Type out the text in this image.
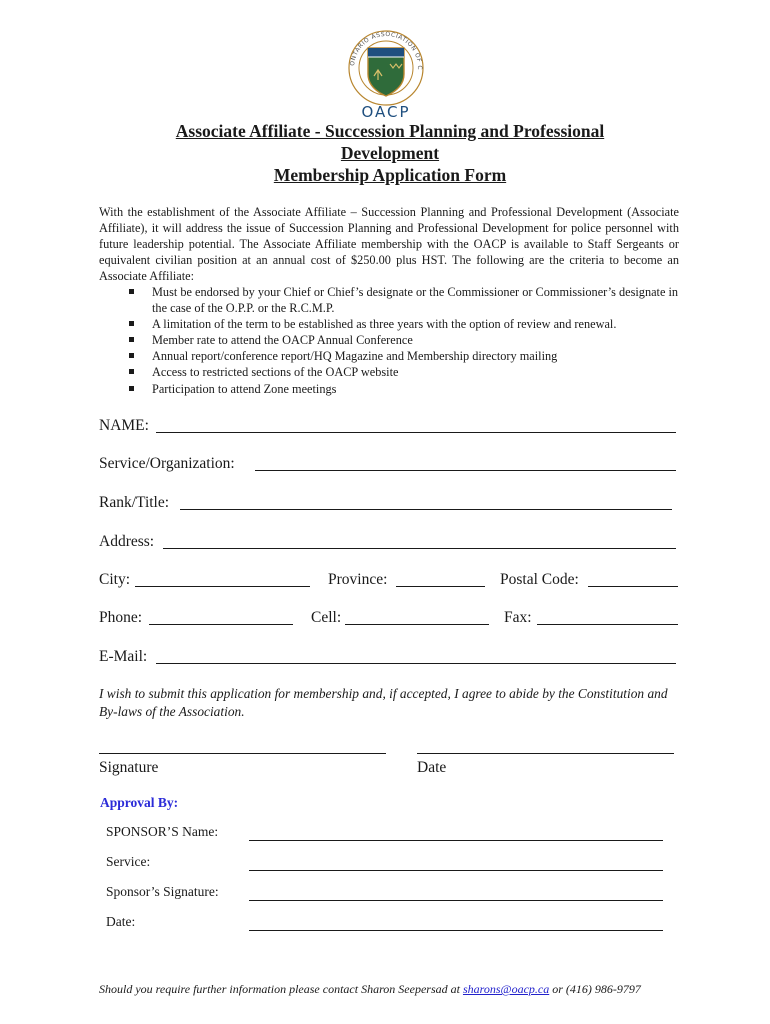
ONTARIO ASSOCIATION OF C
OACP
Associate Affiliate - Succession Planning and Professional
Development
Membership Application Form

With the establishment of the Associate Affiliate – Succession Planning and Professional Development (Associate Affiliate), it will address the issue of Succession Planning and Professional Development for police personnel with future leadership potential. The Associate Affiliate membership with the OACP is available to Staff Sergeants or equivalent civilian position at an annual cost of $250.00 plus HST. The following are the criteria to become an Associate Affiliate:

Must be endorsed by your Chief or Chief’s designate or the Commissioner or Commissioner’s designate in the case of the O.P.P. or the R.C.M.P.
A limitation of the term to be established as three years with the option of review and renewal.
Member rate to attend the OACP Annual Conference
Annual report/conference report/HQ Magazine and Membership directory mailing
Access to restricted sections of the OACP website
Participation to attend Zone meetings
NAME:
Service/Organization:
Rank/Title:
Address:
City:	Province:	Postal Code:
Phone:	Cell:	Fax:
E-Mail:

I wish to submit this application for membership and, if accepted, I agree to abide by the Constitution and By-laws of the Association.

Signature	Date
Approval By:
SPONSOR’S Name:
Service:
Sponsor’s Signature:
Date:
Should you require further information please contact Sharon Seepersad at sharons@oacp.ca or (416) 986-9797
